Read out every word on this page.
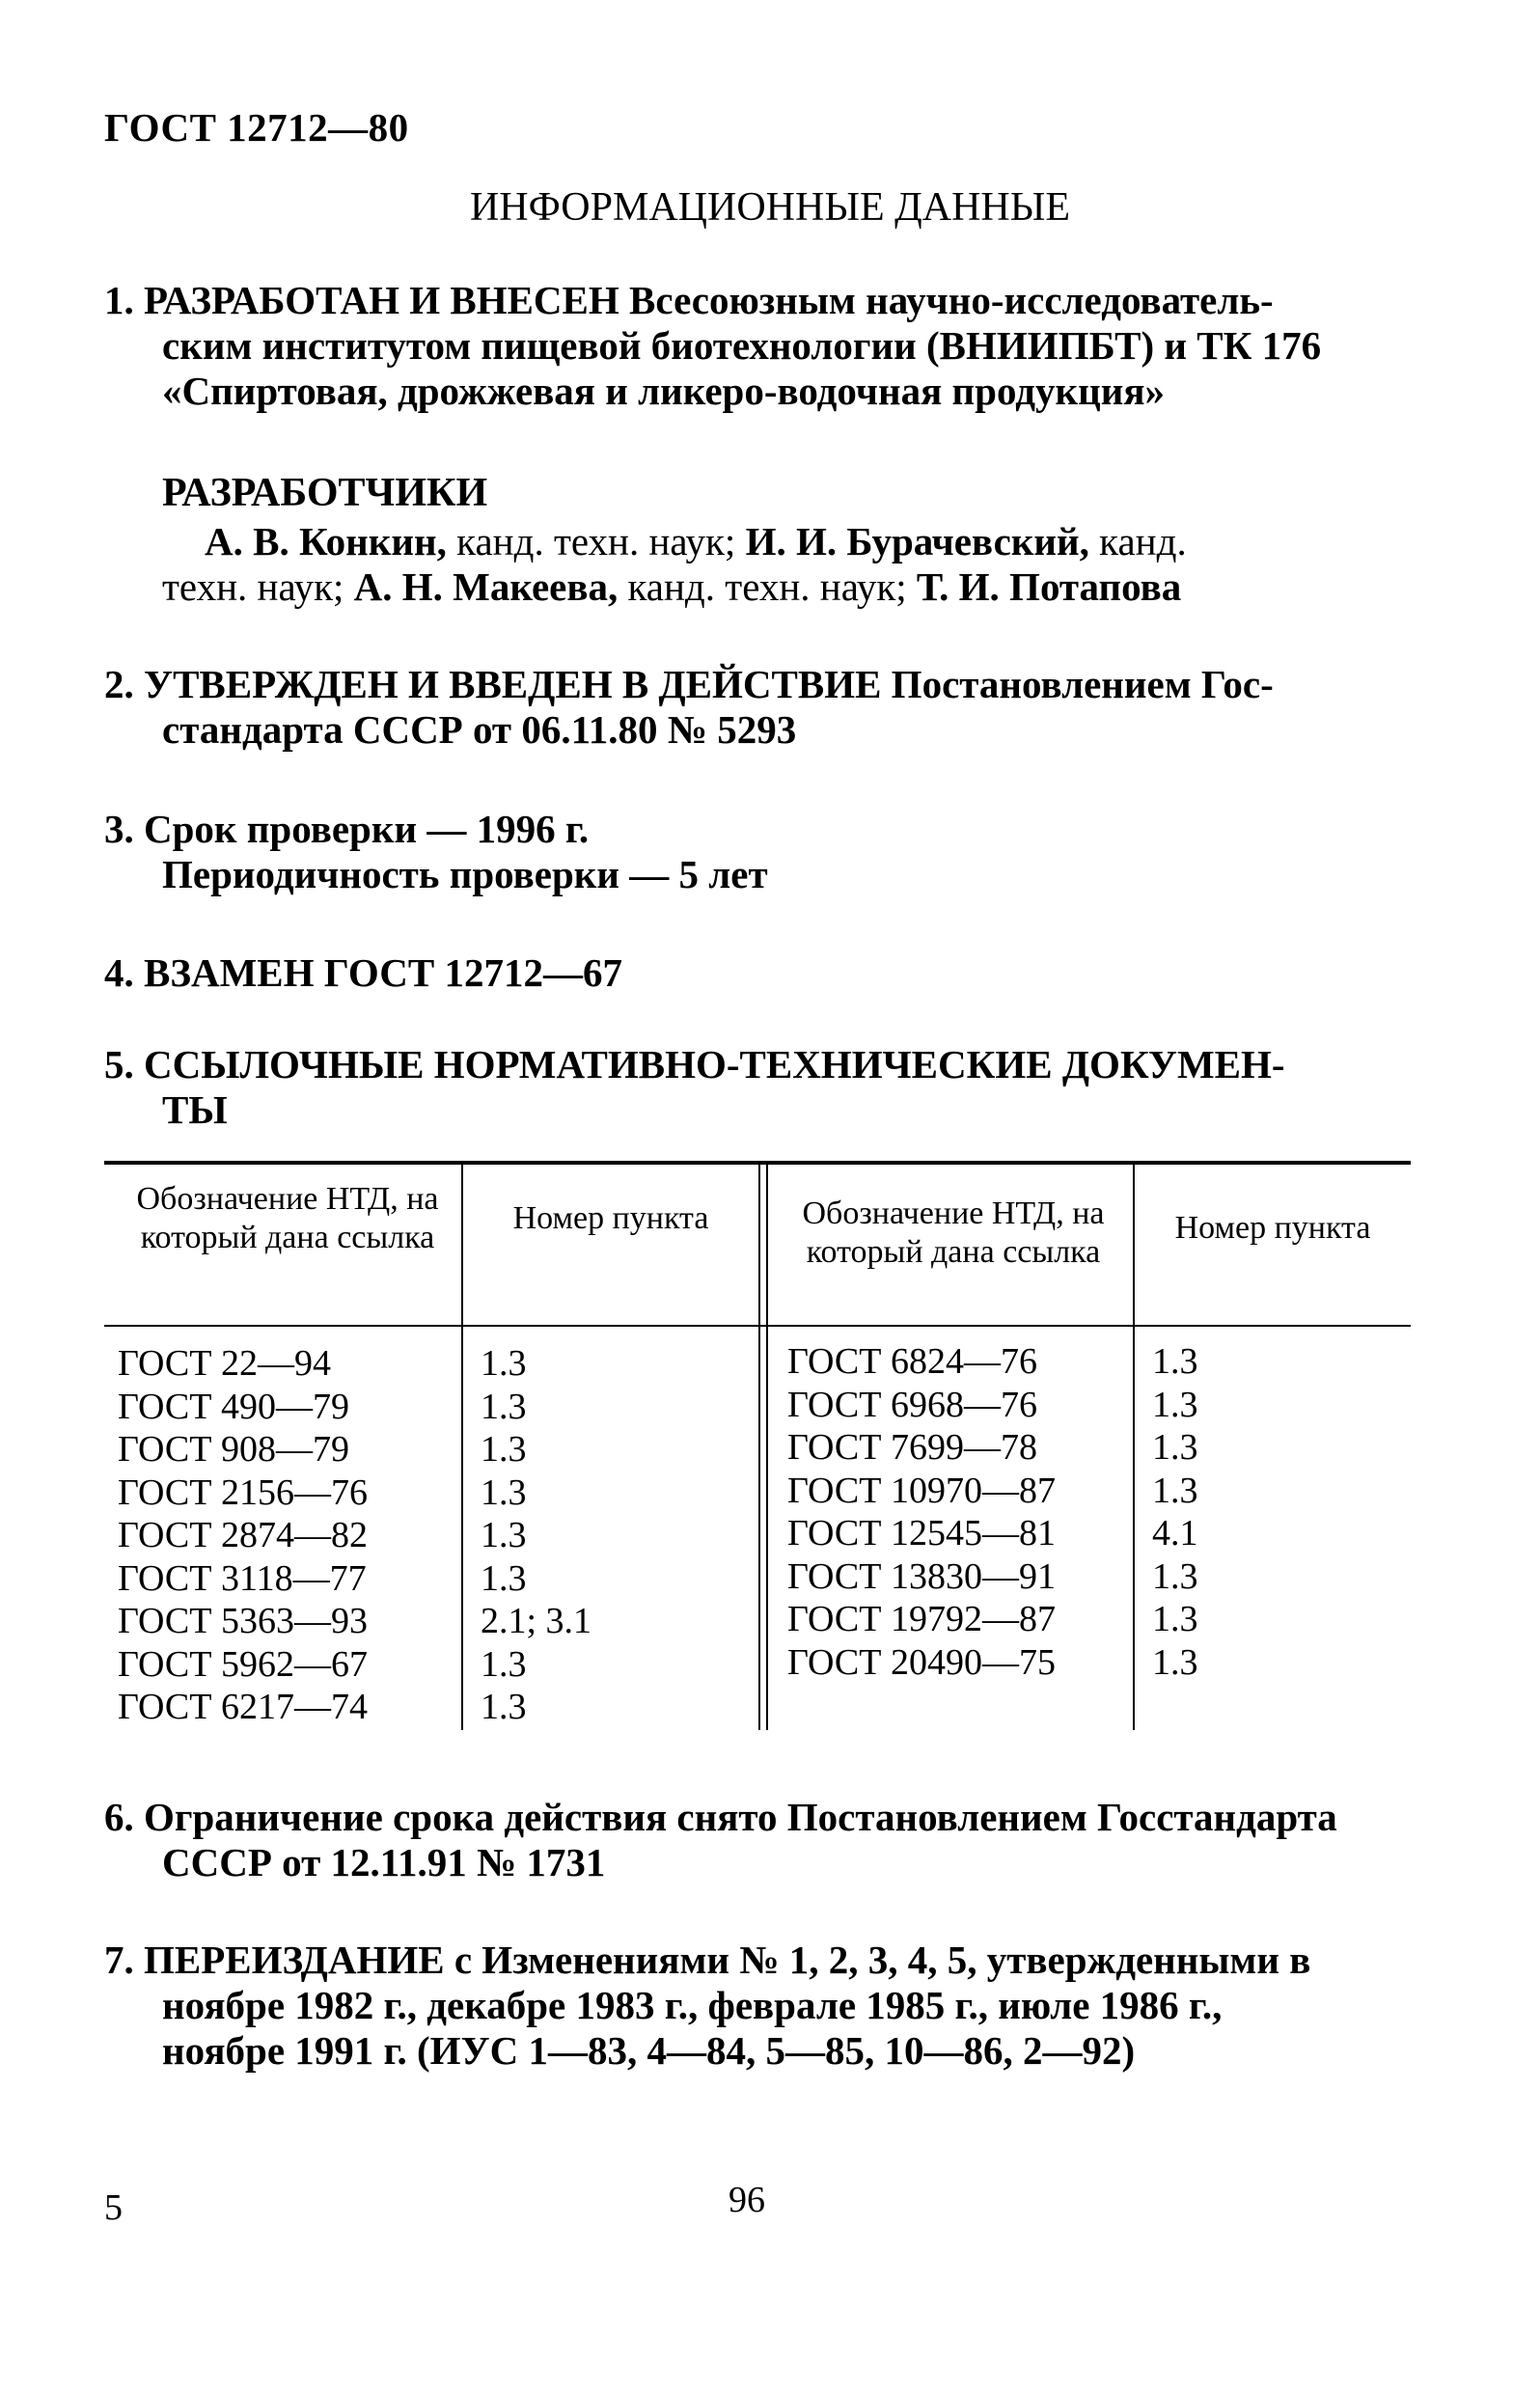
ГОСТ 12712—80
ИНФОРМАЦИОННЫЕ ДАННЫЕ
1. РАЗРАБОТАН И ВНЕСЕН Всесоюзным научно-исследователь-
ским институтом пищевой биотехнологии (ВНИИПБТ) и ТК 176
«Спиртовая, дрожжевая и ликеро-водочная продукция»
РАЗРАБОТЧИКИ
А. В. Конкин, канд. техн. наук; И. И. Бурачевский, канд.
техн. наук; А. Н. Макеева, канд. техн. наук; Т. И. Потапова
2. УТВЕРЖДЕН И ВВЕДЕН В ДЕЙСТВИЕ Постановлением Гос-
стандарта СССР от 06.11.80 № 5293
3. Срок проверки — 1996 г.
Периодичность проверки — 5 лет
4. ВЗАМЕН ГОСТ 12712—67
5. ССЫЛОЧНЫЕ НОРМАТИВНО-ТЕХНИЧЕСКИЕ ДОКУМЕН-
ТЫ
Обозначение НТД, на который дана ссылка
Номер пункта	Обозначение НТД, на который дана ссылка
Номер пункта
ГОСТ 22—94
ГОСТ 490—79
ГОСТ 908—79
ГОСТ 2156—76
ГОСТ 2874—82
ГОСТ 3118—77
ГОСТ 5363—93
ГОСТ 5962—67
ГОСТ 6217—74
1.3
1.3
1.3
1.3
1.3
1.3
2.1; 3.1
1.3
1.3
ГОСТ 6824—76
ГОСТ 6968—76
ГОСТ 7699—78
ГОСТ 10970—87
ГОСТ 12545—81
ГОСТ 13830—91
ГОСТ 19792—87
ГОСТ 20490—75
1.3
1.3
1.3
1.3
4.1
1.3
1.3
1.3
6. Ограничение срока действия снято Постановлением Госстандарта
СССР от 12.11.91 № 1731
7. ПЕРЕИЗДАНИЕ с Изменениями № 1, 2, 3, 4, 5, утвержденными в
ноябре 1982 г., декабре 1983 г., феврале 1985 г., июле 1986 г.,
ноябре 1991 г. (ИУС 1—83, 4—84, 5—85, 10—86, 2—92)
5	96
